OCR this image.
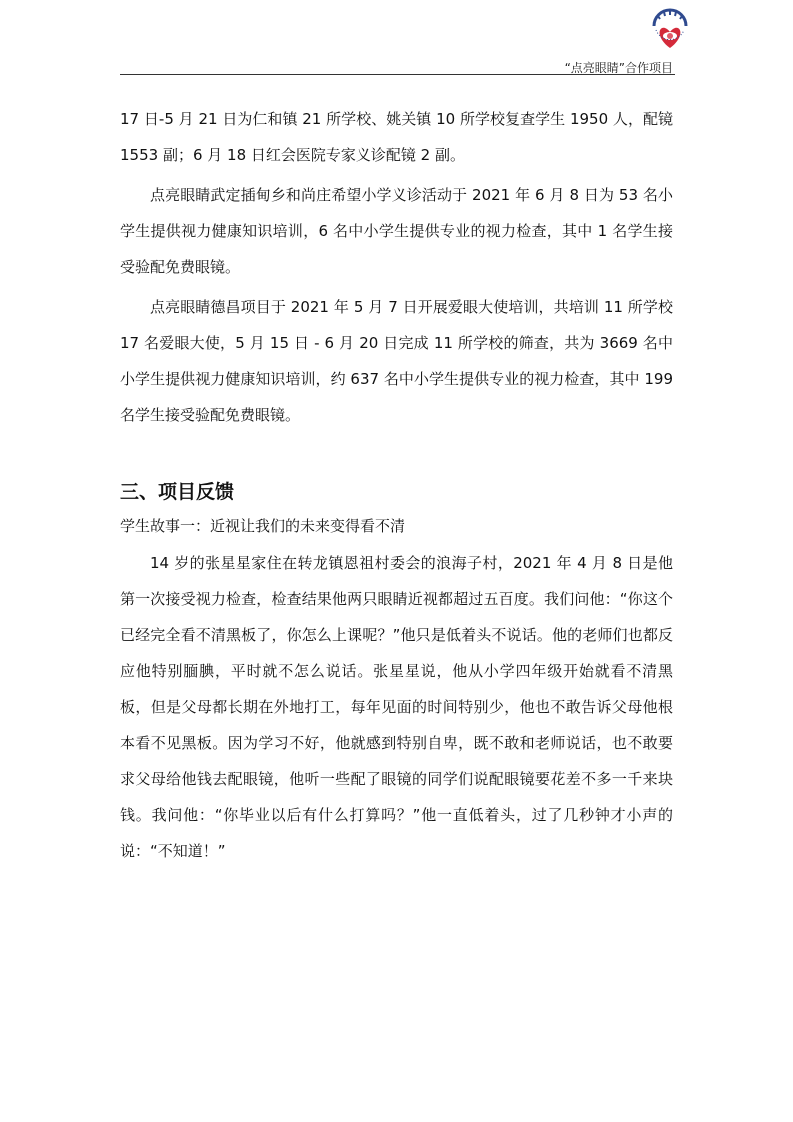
“点亮眼睛”合作项目

17 日-5 月 21 日为仁和镇 21 所学校、姚关镇 10 所学校复查学生 1950 人，配镜 1553 副；6 月 18 日红会医院专家义诊配镜 2 副。

点亮眼睛武定插甸乡和尚庄希望小学义诊活动于 2021 年 6 月 8 日为 53 名小学生提供视力健康知识培训，6 名中小学生提供专业的视力检查，其中 1 名学生接受验配免费眼镜。

点亮眼睛德昌项目于 2021 年 5 月 7 日开展爱眼大使培训，共培训 11 所学校 17 名爱眼大使，5 月 15 日 - 6 月 20 日完成 11 所学校的筛查，共为 3669 名中小学生提供视力健康知识培训，约 637 名中小学生提供专业的视力检查，其中 199 名学生接受验配免费眼镜。

三、项目反馈
学生故事一：近视让我们的未来变得看不清

14 岁的张星星家住在转龙镇恩祖村委会的浪海子村，2021 年 4 月 8 日是他第一次接受视力检查，检查结果他两只眼睛近视都超过五百度。我们问他：“你这个已经完全看不清黑板了，你怎么上课呢？”他只是低着头不说话。他的老师们也都反应他特别腼腆，平时就不怎么说话。张星星说，他从小学四年级开始就看不清黑板，但是父母都长期在外地打工，每年见面的时间特别少，他也不敢告诉父母他根本看不见黑板。因为学习不好，他就感到特别自卑，既不敢和老师说话，也不敢要求父母给他钱去配眼镜，他听一些配了眼镜的同学们说配眼镜要花差不多一千来块钱。我问他：“你毕业以后有什么打算吗？”他一直低着头，过了几秒钟才小声的说：“不知道！”
